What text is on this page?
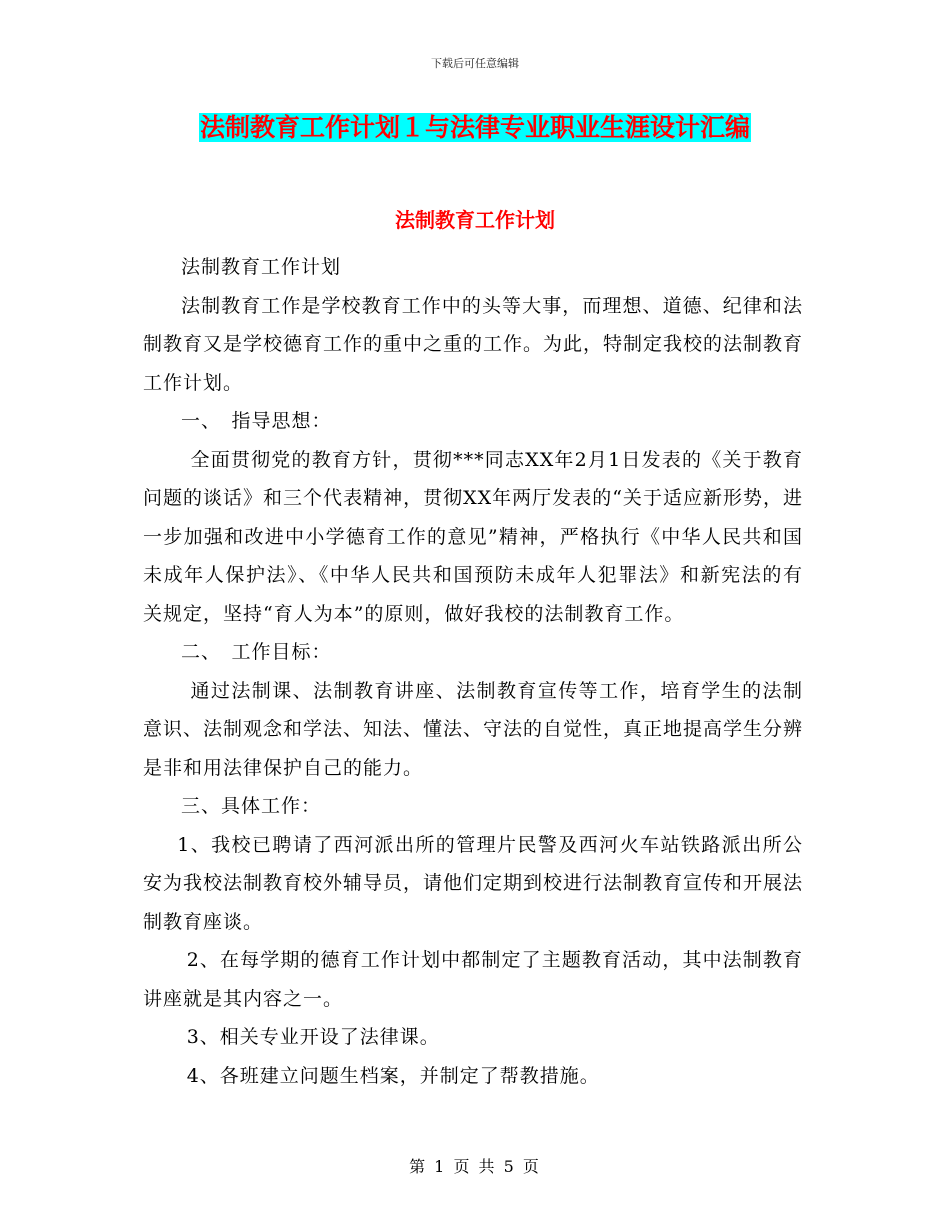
下载后可任意编辑
法制教育工作计划１与法律专业职业生涯设计汇编
法制教育工作计划

法制教育工作计划

法制教育工作是学校教育工作中的头等大事，而理想、道德、纪律和法制教育又是学校德育工作的重中之重的工作。为此，特制定我校的法制教育工作计划。

一、　指导思想：

全面贯彻党的教育方针，贯彻***同志XX年2月1日发表的《关于教育问题的谈话》和三个代表精神，贯彻XX年两厅发表的“关于适应新形势，进一步加强和改进中小学德育工作的意见”精神，严格执行《中华人民共和国未成年人保护法》、《中华人民共和国预防未成年人犯罪法》和新宪法的有关规定，坚持“育人为本”的原则，做好我校的法制教育工作。

二、　工作目标：

通过法制课、法制教育讲座、法制教育宣传等工作，培育学生的法制意识、法制观念和学法、知法、懂法、守法的自觉性，真正地提高学生分辨是非和用法律保护自己的能力。

三、具体工作：

1、我校已聘请了西河派出所的管理片民警及西河火车站铁路派出所公安为我校法制教育校外辅导员，请他们定期到校进行法制教育宣传和开展法制教育座谈。

2、在每学期的德育工作计划中都制定了主题教育活动，其中法制教育讲座就是其内容之一。

3、相关专业开设了法律课。

4、各班建立问题生档案，并制定了帮教措施。

第 1 页 共 5 页
